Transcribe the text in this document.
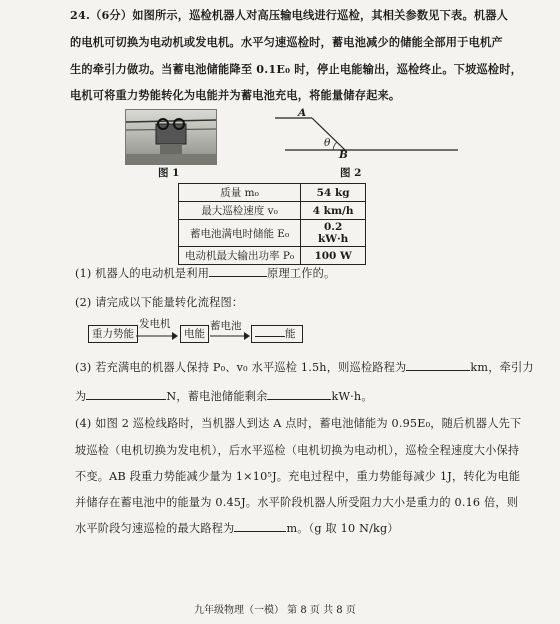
24.（6分）如图所示，巡检机器人对高压输电线进行巡检，其相关参数见下表。机器人
的电机可切换为电动机或发电机。水平匀速巡检时，蓄电池减少的储能全部用于电机产
生的牵引力做功。当蓄电池储能降至 0.1E₀ 时，停止电能输出，巡检终止。下坡巡检时，
电机可将重力势能转化为电能并为蓄电池充电，将能量储存起来。
图 1
A
B
θ
图 2
质量 m₀	54 kg
最大巡检速度 v₀	4 km/h
蓄电池满电时储能 E₀	0.2 kW·h
电动机最大输出功率 P₀	100 W
(1) 机器人的电动机是利用	原理工作的。
(2) 请完成以下能量转化流程图：
重力势能
发电机
电能
蓄电池
能
(3) 若充满电的机器人保持 P₀、v₀ 水平巡检 1.5h，则巡检路程为	km，牵引力
为	N，蓄电池储能剩余	kW·h。
(4) 如图 2 巡检线路时，当机器人到达 A 点时，蓄电池储能为 0.95E₀，随后机器人先下
坡巡检（电机切换为发电机），后水平巡检（电机切换为电动机），巡检全程速度大小保持
不变。AB 段重力势能减少量为 1×10⁵J。充电过程中，重力势能每减少 1J，转化为电能
并储存在蓄电池中的能量为 0.45J。水平阶段机器人所受阻力大小是重力的 0.16 倍，则
水平阶段匀速巡检的最大路程为	m。（g 取 10 N/kg）
九年级物理（一模） 第 8 页 共 8 页
